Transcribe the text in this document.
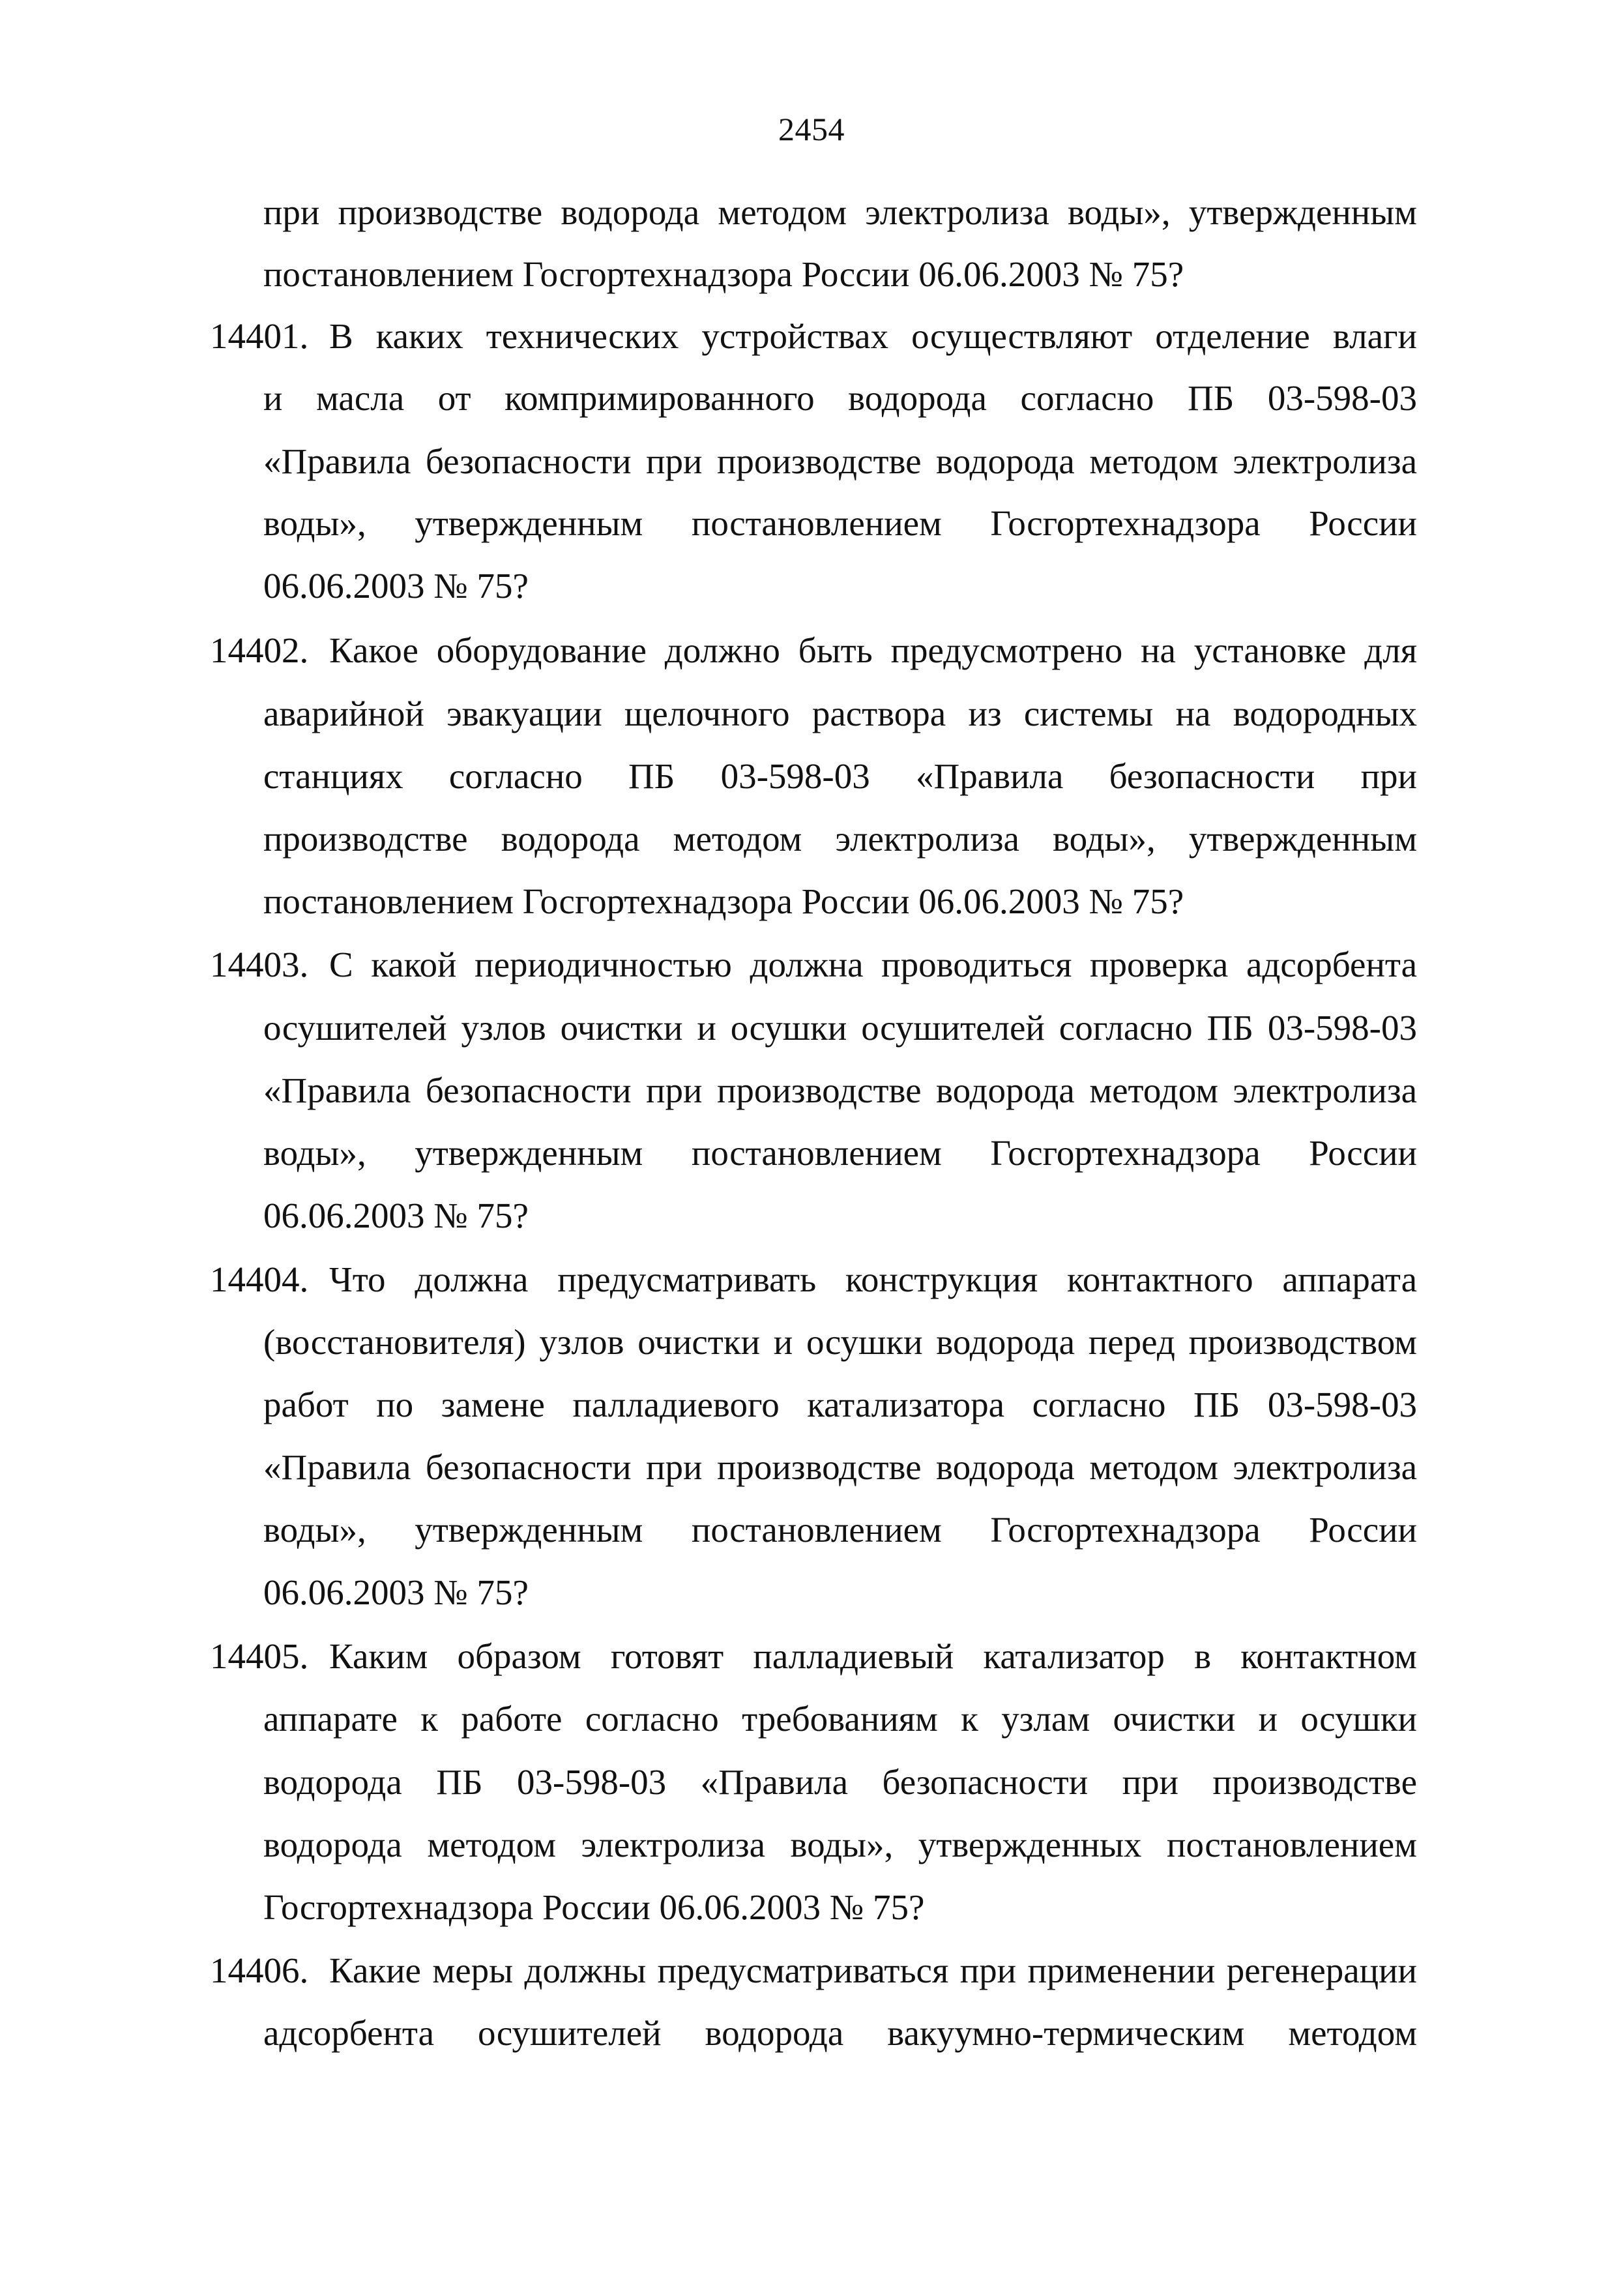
2454
при производстве водорода методом электролиза воды», утвержденным
постановлением Госгортехнадзора России 06.06.2003 № 75?
14401. В каких технических устройствах осуществляют отделение влаги
и масла от компримированного водорода согласно ПБ 03-598-03
«Правила безопасности при производстве водорода методом электролиза
воды», утвержденным постановлением Госгортехнадзора России
06.06.2003 № 75?
14402. Какое оборудование должно быть предусмотрено на установке для
аварийной эвакуации щелочного раствора из системы на водородных
станциях согласно ПБ 03-598-03 «Правила безопасности при
производстве водорода методом электролиза воды», утвержденным
постановлением Госгортехнадзора России 06.06.2003 № 75?
14403. С какой периодичностью должна проводиться проверка адсорбента
осушителей узлов очистки и осушки осушителей согласно ПБ 03-598-03
«Правила безопасности при производстве водорода методом электролиза
воды», утвержденным постановлением Госгортехнадзора России
06.06.2003 № 75?
14404. Что должна предусматривать конструкция контактного аппарата
(восстановителя) узлов очистки и осушки водорода перед производством
работ по замене палладиевого катализатора согласно ПБ 03-598-03
«Правила безопасности при производстве водорода методом электролиза
воды», утвержденным постановлением Госгортехнадзора России
06.06.2003 № 75?
14405. Каким образом готовят палладиевый катализатор в контактном
аппарате к работе согласно требованиям к узлам очистки и осушки
водорода ПБ 03-598-03 «Правила безопасности при производстве
водорода методом электролиза воды», утвержденных постановлением
Госгортехнадзора России 06.06.2003 № 75?
14406. Какие меры должны предусматриваться при применении регенерации
адсорбента осушителей водорода вакуумно-термическим методом
